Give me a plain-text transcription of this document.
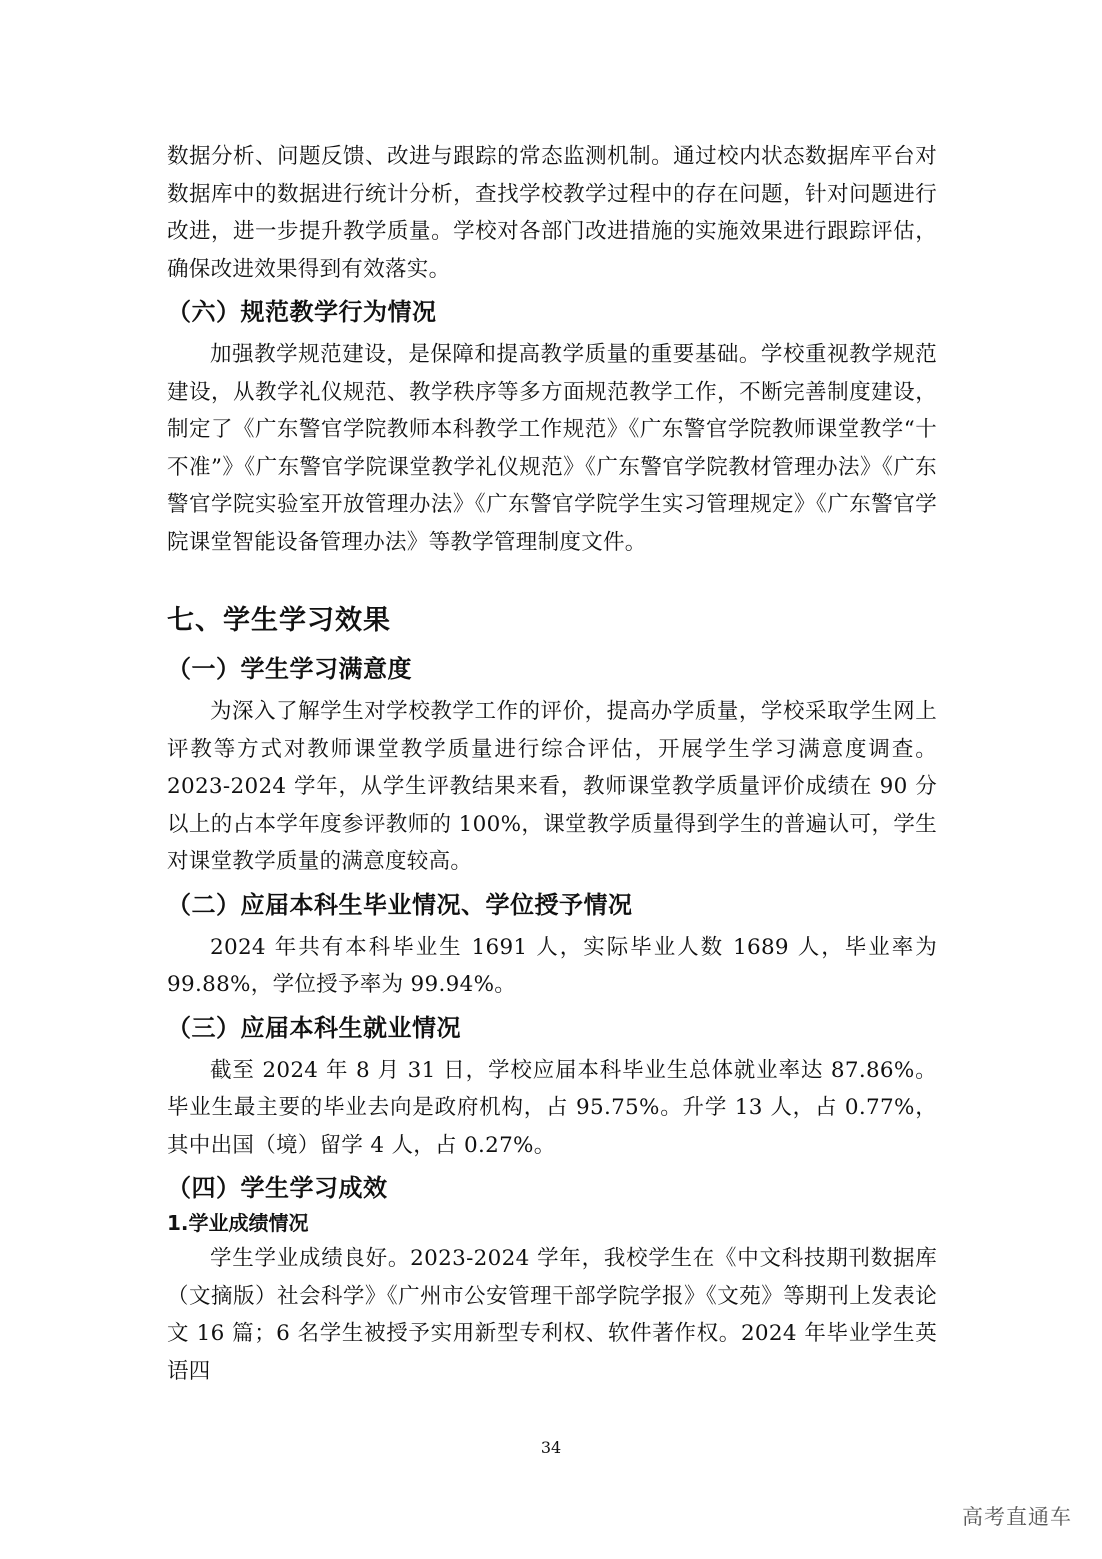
数据分析、问题反馈、改进与跟踪的常态监测机制。通过校内状态数据库平台对数据库中的数据进行统计分析，查找学校教学过程中的存在问题，针对问题进行改进，进一步提升教学质量。学校对各部门改进措施的实施效果进行跟踪评估，确保改进效果得到有效落实。

（六）规范教学行为情况

加强教学规范建设，是保障和提高教学质量的重要基础。学校重视教学规范建设，从教学礼仪规范、教学秩序等多方面规范教学工作，不断完善制度建设，制定了《广东警官学院教师本科教学工作规范》《广东警官学院教师课堂教学“十不准”》《广东警官学院课堂教学礼仪规范》《广东警官学院教材管理办法》《广东警官学院实验室开放管理办法》《广东警官学院学生实习管理规定》《广东警官学院课堂智能设备管理办法》等教学管理制度文件。

七、学生学习效果

（一）学生学习满意度

为深入了解学生对学校教学工作的评价，提高办学质量，学校采取学生网上评教等方式对教师课堂教学质量进行综合评估，开展学生学习满意度调查。2023-2024 学年，从学生评教结果来看，教师课堂教学质量评价成绩在 90 分以上的占本学年度参评教师的 100%，课堂教学质量得到学生的普遍认可，学生对课堂教学质量的满意度较高。

（二）应届本科生毕业情况、学位授予情况

2024 年共有本科毕业生 1691 人，实际毕业人数 1689 人，毕业率为 99.88%，学位授予率为 99.94%。

（三）应届本科生就业情况

截至 2024 年 8 月 31 日，学校应届本科毕业生总体就业率达 87.86%。毕业生最主要的毕业去向是政府机构，占 95.75%。升学 13 人，占 0.77%，其中出国（境）留学 4 人，占 0.27%。

（四）学生学习成效

1.学业成绩情况

学生学业成绩良好。2023-2024 学年，我校学生在《中文科技期刊数据库（文摘版）社会科学》《广州市公安管理干部学院学报》《文苑》等期刊上发表论文 16 篇；6 名学生被授予实用新型专利权、软件著作权。2024 年毕业学生英语四

34
高考直通车
